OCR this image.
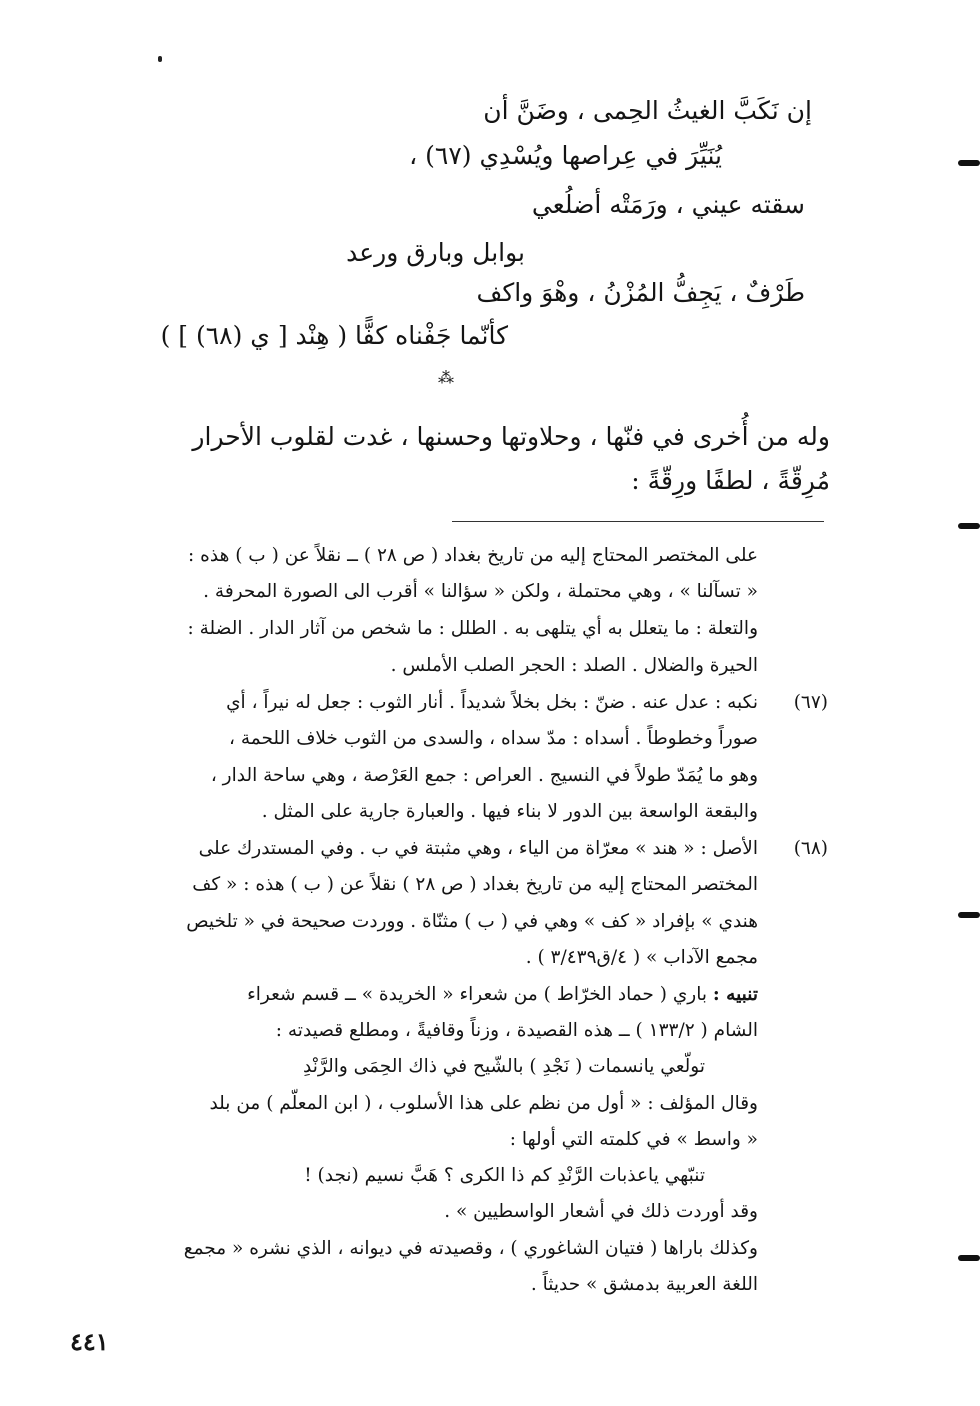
إن نَكَبَّ الغيثُ الحِمى ، وضَنَّ أن
يُنَيِّرَ في عِراصها ويُسْدِي (٦٧) ،
سقته عيني ، ورَمَتْه أضلُعي
بوابل وبارق ورعد
طَرْفٌ ، يَجِفُّ المُزْنُ ، وهْوَ واكف
كأنّما جَفْناه كفًّا ( هِنْد [ ي (٦٨) ] )
⁂
وله من أُخرى في فنّها ، وحلاوتها وحسنها ، غدت لقلوب الأحرار
مُرِقّةً ، لطفًا ورِقّةً :
على المختصر المحتاج إليه من تاريخ بغداد ( ص ٢٨ ) ــ نقلاً عن ( ب ) هذه :
« تسآلنا » ، وهي محتملة ، ولكن « سؤالنا » أقرب الى الصورة المحرفة .
والتعلة : ما يتعلل به أي يتلهى به . الطلل : ما شخص من آثار الدار . الضلة :
الحيرة والضلال . الصلد : الحجر الصلب الأملس .
(٦٧)
نكبه : عدل عنه . ضنّ : بخل بخلاً شديداً . أنار الثوب : جعل له نيراً ، أي
صوراً وخطوطاً . أسداه : مدّ سداه ، والسدى من الثوب خلاف اللحمة ،
وهو ما يُمَدّ طولاً في النسيج . العراص : جمع العَرْصة ، وهي ساحة الدار ،
والبقعة الواسعة بين الدور لا بناء فيها . والعبارة جارية على المثل .
(٦٨)
الأصل : « هند » معرّاة من الياء ، وهي مثبتة في ب . وفي المستدرك على
المختصر المحتاج إليه من تاريخ بغداد ( ص ٢٨ ) نقلاً عن ( ب ) هذه : « كف
هندي » بإفراد « كف » وهي في ( ب ) مثنّاة . ووردت صحيحة في « تلخيص
مجمع الآداب » ( ٤/ق٣/٤٣٩ ) .
تنبيه : باري ( حماد الخرّاط ) من شعراء « الخريدة » ــ قسم شعراء
الشام ( ١٣٣/٢ ) ــ هذه القصيدة ، وزناً وقافيةً ، ومطلع قصيدته :
تولّعي يانسمات ( نَجْدِ ) بالشّيح في ذاك الحِمَى والرَّنْدِ
وقال المؤلف : « أول من نظم على هذا الأسلوب ، ( ابن المعلّم ) من بلد
« واسط » في كلمته التي أولها :
تنبّهي ياعذبات الرَّنْدِ كم ذا الكرى ؟ هَبَّ نسيم (نجد) !
وقد أوردت ذلك في أشعار الواسطيين » .
وكذلك باراها ( فتيان الشاغوري ) ، وقصيدته في ديوانه ، الذي نشره « مجمع
اللغة العربية بدمشق » حديثاً .
٤٤١
